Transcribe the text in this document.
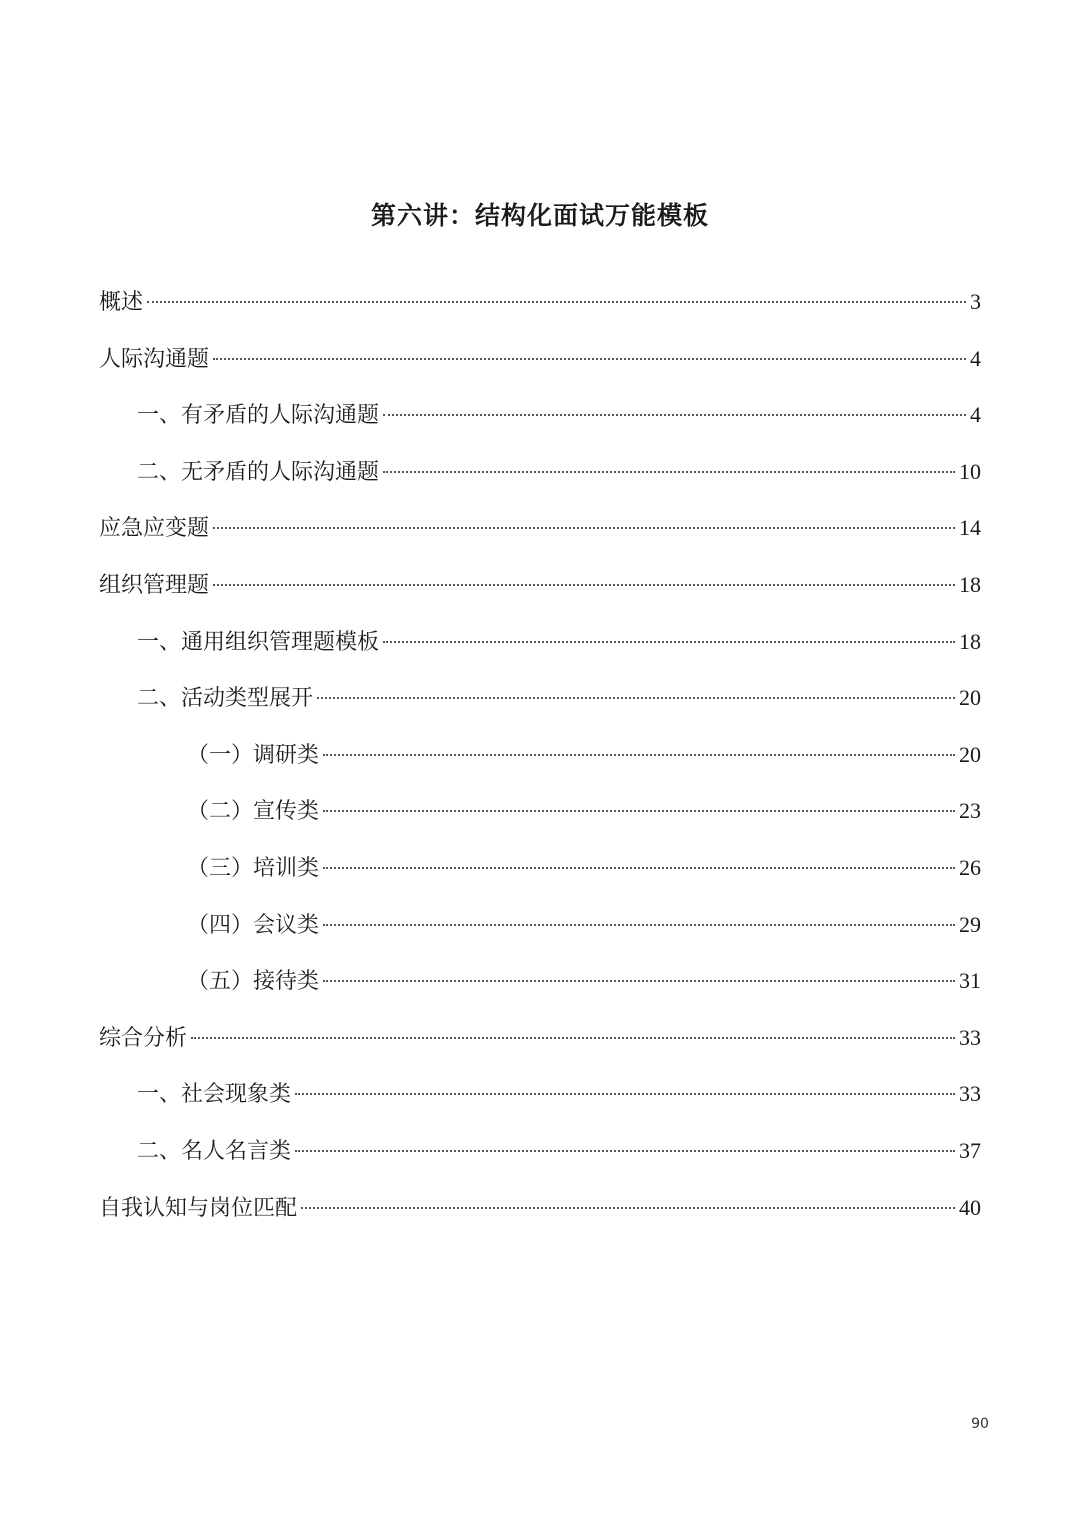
第六讲：结构化面试万能模板
概述	3
人际沟通题	4
一、有矛盾的人际沟通题	4
二、无矛盾的人际沟通题	10
应急应变题	14
组织管理题	18
一、通用组织管理题模板	18
二、活动类型展开	20
（一）调研类	20
（二）宣传类	23
（三）培训类	26
（四）会议类	29
（五）接待类	31
综合分析	33
一、社会现象类	33
二、名人名言类	37
自我认知与岗位匹配	40
90
